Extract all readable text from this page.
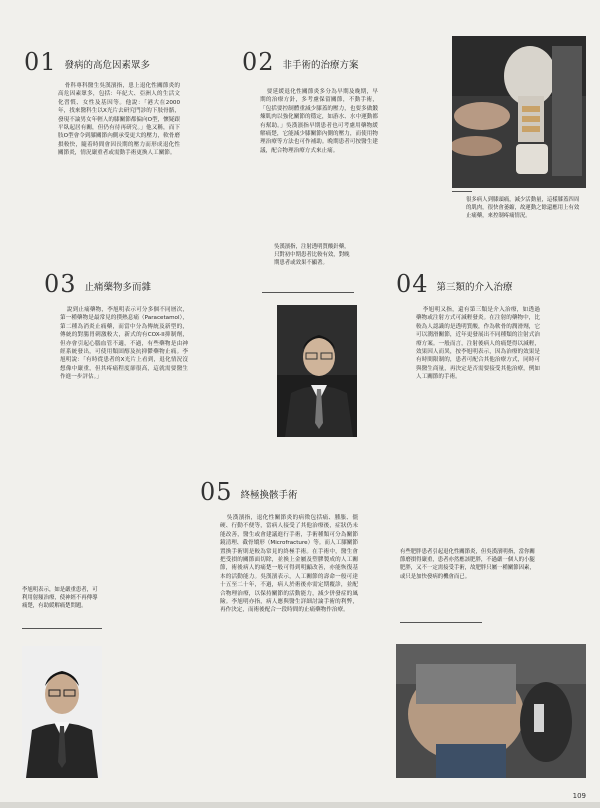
01 發病的高危因素眾多

骨科專科醫生吳漢濱指，患上退化性關節炎的高危因素眾多，包括：年紀大、亞洲人的生活文化習慣、女性及基因等。他說：「港大在2000年，找來醫科生以X光片去研究門診的下肢骨骼，發現不論男女年輕人的膝關節都偏向O型，懷疑跟平臥起居有關，但仍有待再研究。」他又稱，而下肢O型會令到膝關節內側承受更大的壓力，軟骨磨損較快，隨着時間會因長期的壓力而形成退化性關節炎，情況嚴重者或需動手術更換人工關節。

02 非手術的治療方案

要延緩退化性關節炎多分為早期及晚期，早期的治療方針，多考慮保留關節，不動手術，「包括要控制體重減少膝蓋的壓力，也要多做鍛煉肌肉以強化關節的穩定，如游水、水中運動都有幫助。」吳漢濱指早期患者也可考慮用藥物緩解痛楚，它能減少膝關節內側的壓力，而使用物理治療等方法也可作補助。晚期患者可按醫生建議，配合物理治療方式來止痛。

很多病人到膝頭痛，減少活動量，這樣膝蓋四周的肌肉，很快會萎縮，故運動之餘還應用上有效止痛藥，來控制疼痛情況。
吳漢濱指，注射透明質酸針藥，只對初中期患者比較有效，對晚期患者或效果不顯著。
03 止痛藥物多而雜

說到止痛藥物，李旭明表示可分多個不同層次，第一種藥物是最常見的撲熱息痛（Paracetamol），第二種為消炎止痛藥，而當中分為傳統及新型的，傳統的對腸胃刺激較大，新式的有COX-II抑制劑，但亦會引起心腦血管不適，不過，有些藥物是由神經系統發出，可使用類固醇及抗抑鬱藥物止痛。李旭明說：「有時從患者的X光片上看到，退化情況沒想像中嚴重，但其疼痛程度卻很高，這就需要醫生作進一步評估。」

04 第三類的介入治療

李旭明又指，還有第三類是介入治療，如透過藥物或注射方式可減輕發炎。在注射的藥物中，比較為人認識的是透明質酸，作為軟骨的潤滑劑，它可以潤滑關節，近年更發展出不同種類的注射式治療方案。一般而言，注射後病人的痛楚得以減輕，效果因人而異，按李旭明表示，因為治療的效果是有時間限制的，患者可配合其他治療方式，同時可與醫生商量，再決定是否需要接受其他治療，例如人工關節的手術。

05 終極換骸手術

吳漢濱指，退化性關節炎的病徵包括痛、腫脹、僵硬、行動不便等，當病人接受了其他治療後，症狀仍未能改善，醫生或會建議進行手術，手術種類可分為關節鏡清理、截骨矯形（Microfracture）等。而人工膝關節置換手術則是較為常見的終極手術。在手術中，醫生會把受損的關節面切除，並換上金屬及塑膠製成的人工關節，術後病人的痛楚一般可得到明顯改善，亦能恢復基本的活動能力。吳漢濱表示，人工關節的壽命一般可達十五至二十年，不過，病人於術後亦需定期覆診，並配合物理治療，以保持關節的活動能力，減少併發症的風險。李旭明亦指，病人應與醫生詳細討論手術的利弊，再作決定，而術後配合一段時間的止痛藥物作治療。

李旭明表示，如是嚴重患者，可利用射頻治療，使神經不再傳導痛楚，有助緩解痛楚問題。
有些肥胖患者引起退化性關節炎，但吳漢濱明指，當你關節磨損得嚴重，患者亦然應該肥胖，不過嚴一個人的小腿肥胖，又不一定需接受手術，故肥胖只屬一種關節因素，或只是加快發病的機會而已。
109
